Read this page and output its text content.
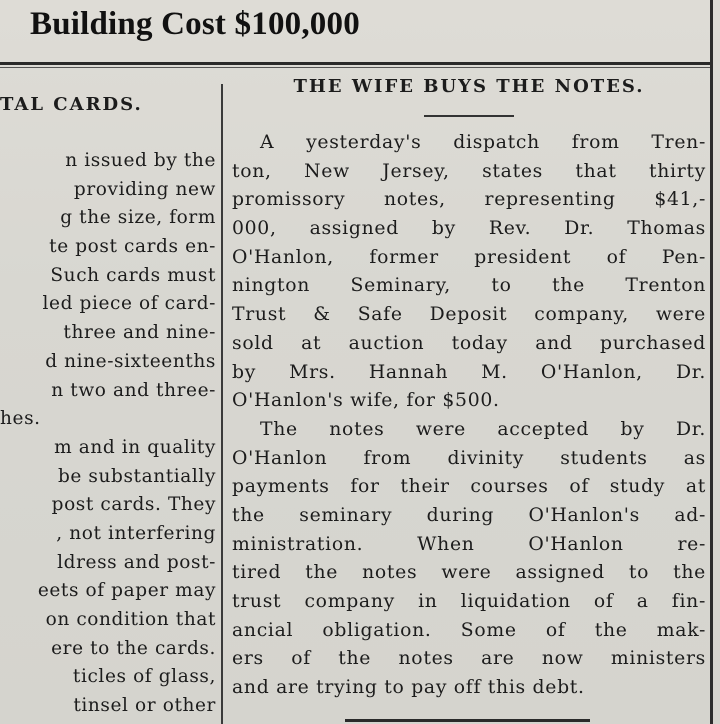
Building Cost $100,000
TAL CARDS.
n issued by the
providing new
g the size, form
te post cards en-
Such cards must
led piece of card-
three and nine-
d nine-sixteenths
n two and three-
hes.
m and in quality
be substantially
post cards. They
, not interfering
ldress and post-
eets of paper may
on condition that
ere to the cards.
ticles of glass,
tinsel or other
THE WIFE BUYS THE NOTES.
A yesterday's dispatch from Tren-
ton, New Jersey, states that thirty
promissory notes, representing $41,-
000, assigned by Rev. Dr. Thomas
O'Hanlon, former president of Pen-
nington Seminary, to the Trenton
Trust & Safe Deposit company, were
sold at auction today and purchased
by Mrs. Hannah M. O'Hanlon, Dr.
O'Hanlon's wife, for $500.
The notes were accepted by Dr.
O'Hanlon from divinity students as
payments for their courses of study at
the seminary during O'Hanlon's ad-
ministration. When O'Hanlon re-
tired the notes were assigned to the
trust company in liquidation of a fin-
ancial obligation. Some of the mak-
ers of the notes are now ministers
and are trying to pay off this debt.
